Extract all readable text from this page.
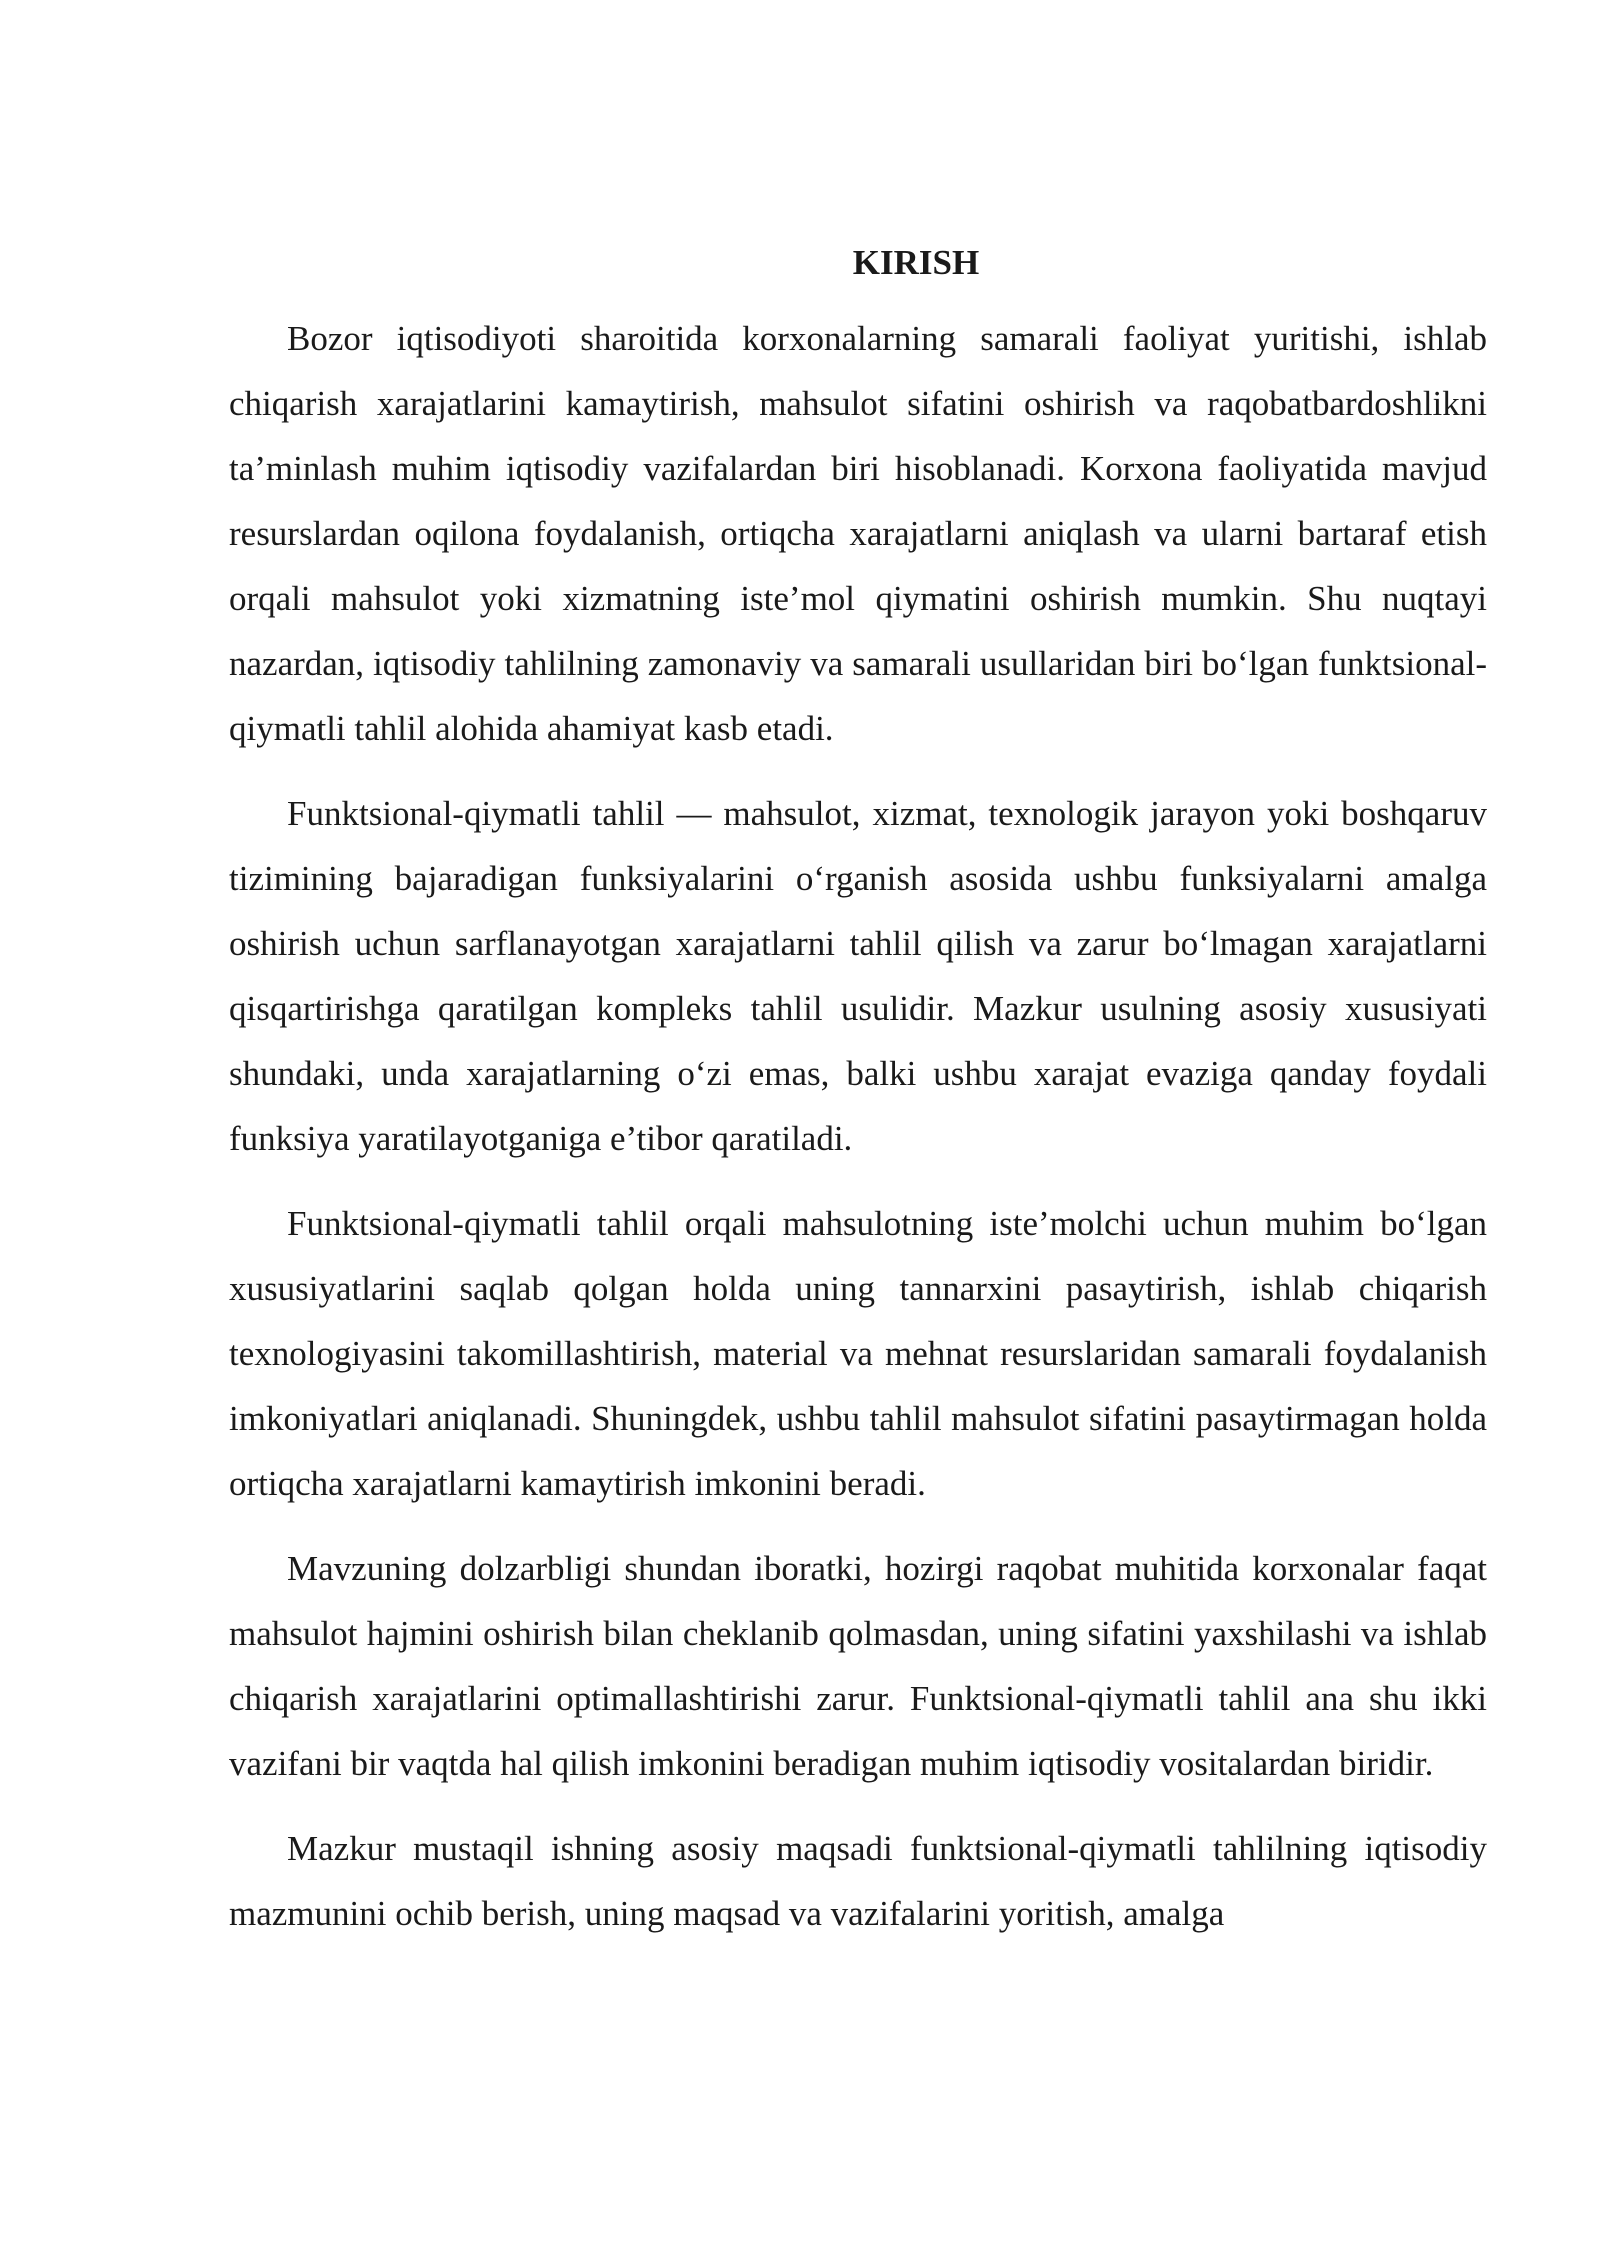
KIRISH

Bozor iqtisodiyoti sharoitida korxonalarning samarali faoliyat yuritishi, ishlab chiqarish xarajatlarini kamaytirish, mahsulot sifatini oshirish va raqobatbardoshlikni ta’minlash muhim iqtisodiy vazifalardan biri hisoblanadi. Korxona faoliyatida mavjud resurslardan oqilona foydalanish, ortiqcha xarajatlarni aniqlash va ularni bartaraf etish orqali mahsulot yoki xizmatning iste’mol qiymatini oshirish mumkin. Shu nuqtayi nazardan, iqtisodiy tahlilning zamonaviy va samarali usullaridan biri bo‘lgan funktsional-qiymatli tahlil alohida ahamiyat kasb etadi.

Funktsional-qiymatli tahlil — mahsulot, xizmat, texnologik jarayon yoki boshqaruv tizimining bajaradigan funksiyalarini o‘rganish asosida ushbu funksiyalarni amalga oshirish uchun sarflanayotgan xarajatlarni tahlil qilish va zarur bo‘lmagan xarajatlarni qisqartirishga qaratilgan kompleks tahlil usulidir. Mazkur usulning asosiy xususiyati shundaki, unda xarajatlarning o‘zi emas, balki ushbu xarajat evaziga qanday foydali funksiya yaratilayotganiga e’tibor qaratiladi.

Funktsional-qiymatli tahlil orqali mahsulotning iste’molchi uchun muhim bo‘lgan xususiyatlarini saqlab qolgan holda uning tannarxini pasaytirish, ishlab chiqarish texnologiyasini takomillashtirish, material va mehnat resurslaridan samarali foydalanish imkoniyatlari aniqlanadi. Shuningdek, ushbu tahlil mahsulot sifatini pasaytirmagan holda ortiqcha xarajatlarni kamaytirish imkonini beradi.

Mavzuning dolzarbligi shundan iboratki, hozirgi raqobat muhitida korxonalar faqat mahsulot hajmini oshirish bilan cheklanib qolmasdan, uning sifatini yaxshilashi va ishlab chiqarish xarajatlarini optimallashtirishi zarur. Funktsional-qiymatli tahlil ana shu ikki vazifani bir vaqtda hal qilish imkonini beradigan muhim iqtisodiy vositalardan biridir.

Mazkur mustaqil ishning asosiy maqsadi funktsional-qiymatli tahlilning iqtisodiy mazmunini ochib berish, uning maqsad va vazifalarini yoritish, amalga
